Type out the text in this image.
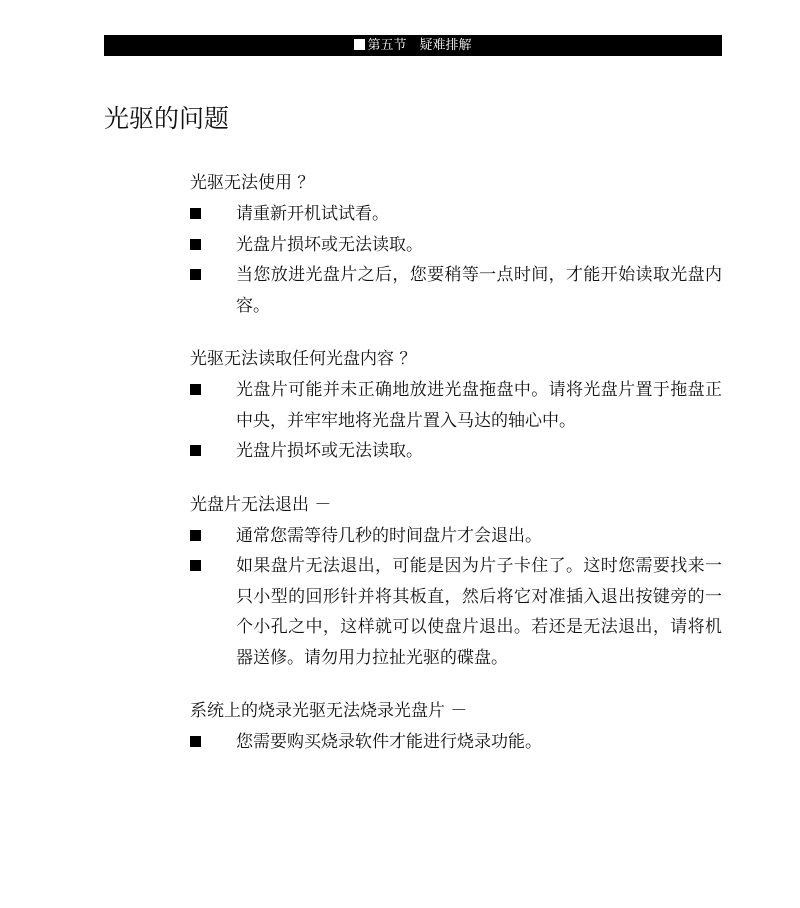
第五节　疑难排解
光驱的问题
光驱无法使用 ？
请重新开机试试看。
光盘片损坏或无法读取。
当您放进光盘片之后，您要稍等一点时间，才能开始读取光盘内容。
光驱无法读取任何光盘内容 ？
光盘片可能并未正确地放进光盘拖盘中。请将光盘片置于拖盘正中央，并牢牢地将光盘片置入马达的轴心中。
光盘片损坏或无法读取。
光盘片无法退出 －
通常您需等待几秒的时间盘片才会退出。
如果盘片无法退出，可能是因为片子卡住了。这时您需要找来一只小型的回形针并将其板直，然后将它对准插入退出按键旁的一个小孔之中，这样就可以使盘片退出。若还是无法退出，请将机器送修。请勿用力拉扯光驱的碟盘。
系统上的烧录光驱无法烧录光盘片 －
您需要购买烧录软件才能进行烧录功能。
